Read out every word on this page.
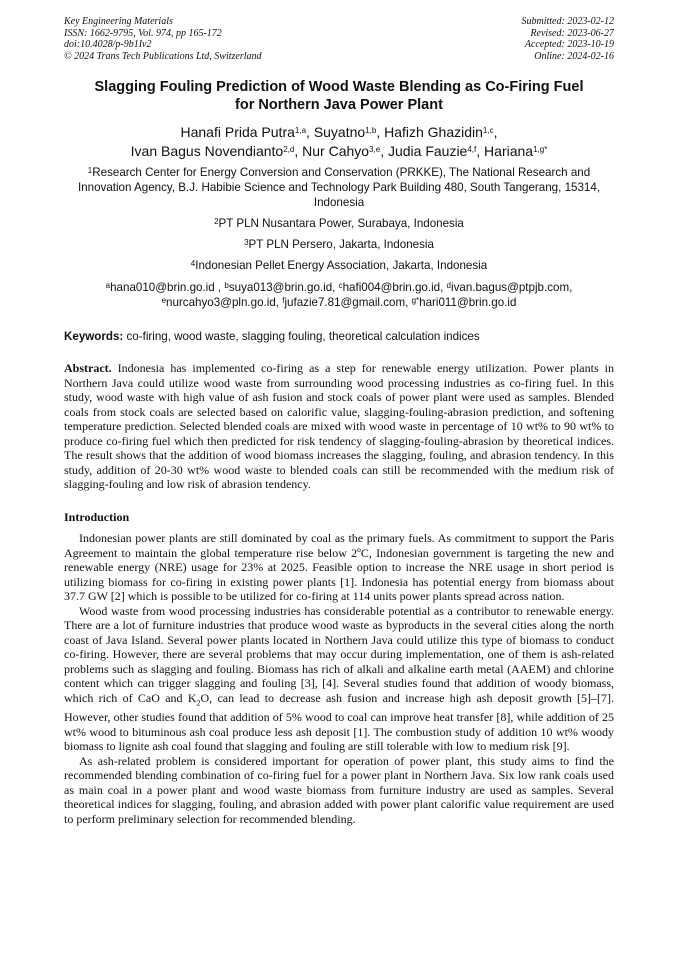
Key Engineering Materials
ISSN: 1662-9795, Vol. 974, pp 165-172
doi:10.4028/p-9b1Iv2
© 2024 Trans Tech Publications Ltd, Switzerland
Submitted: 2023-02-12
Revised: 2023-06-27
Accepted: 2023-10-19
Online: 2024-02-16
Slagging Fouling Prediction of Wood Waste Blending as Co-Firing Fuel
for Northern Java Power Plant
Hanafi Prida Putra$^{1,a}$, Suyatno$^{1,b}$, Hafizh Ghazidin$^{1,c}$,
Ivan Bagus Novendianto$^{2,d}$, Nur Cahyo$^{3,e}$, Judia Fauzie$^{4,f}$, Hariana$^{1,g*}$
$^1$Research Center for Energy Conversion and Conservation (PRKKE), The National Research and Innovation Agency, B.J. Habibie Science and Technology Park Building 480, South Tangerang, 15314, Indonesia
$^2$PT PLN Nusantara Power, Surabaya, Indonesia
$^3$PT PLN Persero, Jakarta, Indonesia
$^4$Indonesian Pellet Energy Association, Jakarta, Indonesia
$^a$hana010@brin.go.id , $^b$suya013@brin.go.id, $^c$hafi004@brin.go.id, $^d$ivan.bagus@ptpjb.com,
$^e$nurcahyo3@pln.go.id, $^f$jufazie7.81@gmail.com, $^{g*}$hari011@brin.go.id
Keywords: co-firing, wood waste, slagging fouling, theoretical calculation indices
Abstract. Indonesia has implemented co-firing as a step for renewable energy utilization. Power plants in Northern Java could utilize wood waste from surrounding wood processing industries as co-firing fuel. In this study, wood waste with high value of ash fusion and stock coals of power plant were used as samples. Blended coals from stock coals are selected based on calorific value, slagging-fouling-abrasion prediction, and softening temperature prediction. Selected blended coals are mixed with wood waste in percentage of 10 wt% to 90 wt% to produce co-firing fuel which then predicted for risk tendency of slagging-fouling-abrasion by theoretical indices. The result shows that the addition of wood biomass increases the slagging, fouling, and abrasion tendency. In this study, addition of 20-30 wt% wood waste to blended coals can still be recommended with the medium risk of slagging-fouling and low risk of abrasion tendency.
Introduction
Indonesian power plants are still dominated by coal as the primary fuels. As commitment to support the Paris Agreement to maintain the global temperature rise below 2ºC, Indonesian government is targeting the new and renewable energy (NRE) usage for 23% at 2025. Feasible option to increase the NRE usage in short period is utilizing biomass for co-firing in existing power plants [1]. Indonesia has potential energy from biomass about 37.7 GW [2] which is possible to be utilized for co-firing at 114 units power plants spread across nation.
Wood waste from wood processing industries has considerable potential as a contributor to renewable energy. There are a lot of furniture industries that produce wood waste as byproducts in the several cities along the north coast of Java Island. Several power plants located in Northern Java could utilize this type of biomass to conduct co-firing. However, there are several problems that may occur during implementation, one of them is ash-related problems such as slagging and fouling. Biomass has rich of alkali and alkaline earth metal (AAEM) and chlorine content which can trigger slagging and fouling [3], [4]. Several studies found that addition of woody biomass, which rich of CaO and $K_2O$, can lead to decrease ash fusion and increase high ash deposit growth [5]–[7]. However, other studies found that addition of 5% wood to coal can improve heat transfer [8], while addition of 25 wt% wood to bituminous ash coal produce less ash deposit [1]. The combustion study of addition 10 wt% woody biomass to lignite ash coal found that slagging and fouling are still tolerable with low to medium risk [9].
As ash-related problem is considered important for operation of power plant, this study aims to find the recommended blending combination of co-firing fuel for a power plant in Northern Java. Six low rank coals used as main coal in a power plant and wood waste biomass from furniture industry are used as samples. Several theoretical indices for slagging, fouling, and abrasion added with power plant calorific value requirement are used to perform preliminary selection for recommended blending.
